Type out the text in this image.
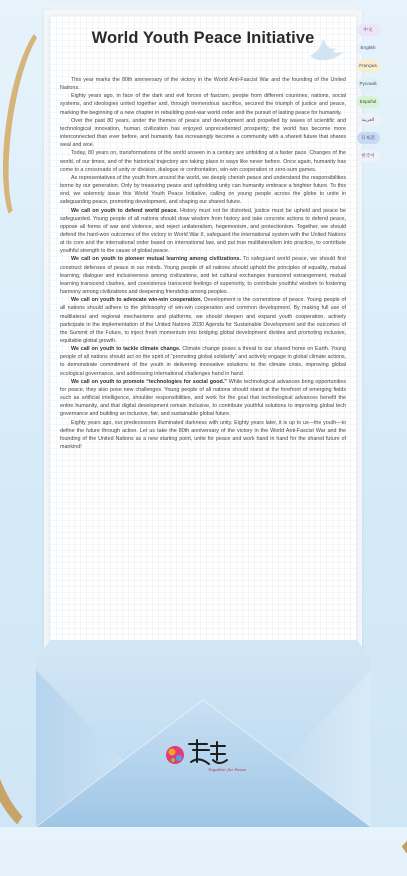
World Youth Peace Initiative

This year marks the 80th anniversary of the victory in the World Anti-Fascist War and the founding of the United Nations.

Eighty years ago, in face of the dark and evil forces of fascism, people from different countries, nations, social systems, and ideologies united together and, through tremendous sacrifice, secured the triumph of justice and peace, marking the beginning of a new chapter in rebuilding post-war world order and the pursuit of lasting peace for humanity.

Over the past 80 years, under the themes of peace and development and propelled by waves of scientific and technological innovation, human civilization has enjoyed unprecedented prosperity; the world has become more interconnected than ever before, and humanity has increasingly become a community with a shared future that shares weal and woe.

Today, 80 years on, transformations of the world unseen in a century are unfolding at a faster pace. Changes of the world, of our times, and of the historical trajectory are taking place in ways like never before. Once again, humanity has come to a crossroads of unity or division, dialogue or confrontation, win-win cooperation or zero-sum games.

As representatives of the youth from around the world, we deeply cherish peace and understand the responsibilities borne by our generation. Only by treasuring peace and upholding unity can humanity embrace a brighter future. To this end, we solemnly issue this World Youth Peace Initiative, calling on young people across the globe to unite in safeguarding peace, promoting development, and shaping our shared future.

We call on youth to defend world peace. History must not be distorted, justice must be upheld and peace be safeguarded. Young people of all nations should draw wisdom from history and take concrete actions to defend peace, oppose all forms of war and violence, and reject unilateralism, hegemonism, and protectionism. Together, we should defend the hard-won outcomes of the victory in World War II, safeguard the international system with the United Nations at its core and the international order based on international law, and put true multilateralism into practice, to contribute youthful strength to the cause of global peace.

We call on youth to pioneer mutual learning among civilizations. To safeguard world peace, we should first construct defenses of peace in our minds. Young people of all nations should uphold the principles of equality, mutual learning, dialogue and inclusiveness among civilizations, and let cultural exchanges transcend estrangement, mutual learning transcend clashes, and coexistence transcend feelings of superiority, to contribute youthful wisdom to fostering harmony among civilizations and deepening friendship among peoples.

We call on youth to advocate win-win cooperation. Development is the cornerstone of peace. Young people of all nations should adhere to the philosophy of win-win cooperation and common development. By making full use of multilateral and regional mechanisms and platforms, we should deepen and expand youth cooperation, actively participate in the implementation of the United Nations 2030 Agenda for Sustainable Development and the outcomes of the Summit of the Future, to inject fresh momentum into bridging global development divides and promoting inclusive, equitable global growth.

We call on youth to tackle climate change. Climate change poses a threat to our shared home on Earth. Young people of all nations should act on the spirit of “promoting global solidarity” and actively engage in global climate actions, to demonstrate commitment of the youth in delivering innovative solutions to the climate crisis, improving global ecological governance, and addressing international challenges hand in hand.

We call on youth to promote “technologies for social good.” While technological advances bring opportunities for peace, they also pose new challenges. Young people of all nations should stand at the forefront of emerging fields such as artificial intelligence, shoulder responsibilities, and work for the goal that technological advances benefit the entire humanity, and that digital development remain inclusive, to contribute youthful solutions to improving global tech governance and building an inclusive, fair, and sustainable global future.

Eighty years ago, our predecessors illuminated darkness with unity. Eighty years later, it is up to us—the youth—to define the future through action. Let us take the 80th anniversary of the victory in the World Anti-Fascist War and the founding of the United Nations as a new starting point, unite for peace and work hand in hand for the shared future of mankind!

Together for Peace
中文
English
Français
Русский
Español
العربية
日本語
한국어
